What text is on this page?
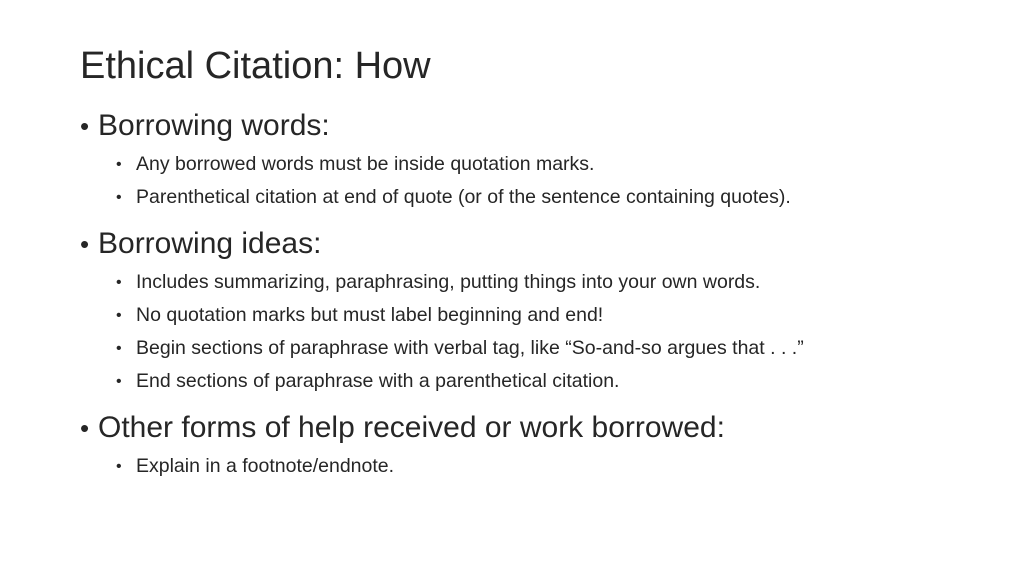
Ethical Citation: How
• Borrowing words:
• Any borrowed words must be inside quotation marks.
• Parenthetical citation at end of quote (or of the sentence containing quotes).
• Borrowing ideas:
• Includes summarizing, paraphrasing, putting things into your own words.
• No quotation marks but must label beginning and end!
• Begin sections of paraphrase with verbal tag, like “So-and-so argues that . . .”
• End sections of paraphrase with a parenthetical citation.
• Other forms of help received or work borrowed:
• Explain in a footnote/endnote.
